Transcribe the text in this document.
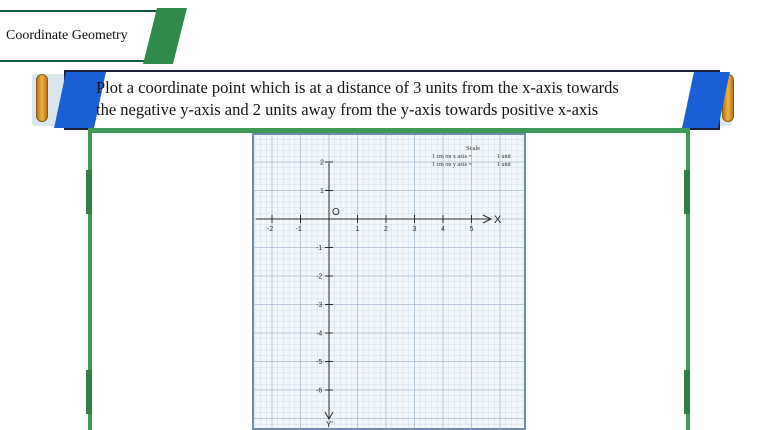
Coordinate Geometry
Plot a coordinate point which is at a distance of 3 units from the x-axis towards
the negative y-axis and 2 units away from the y-axis towards positive x-axis
-2	-1	1	2	3	4	5
2
1
-1
-2
-3
-4
-5
-6
O
X
Y'
Scale
1 cm on x axis =	1 unit
1 cm on y axis =	1 unit
